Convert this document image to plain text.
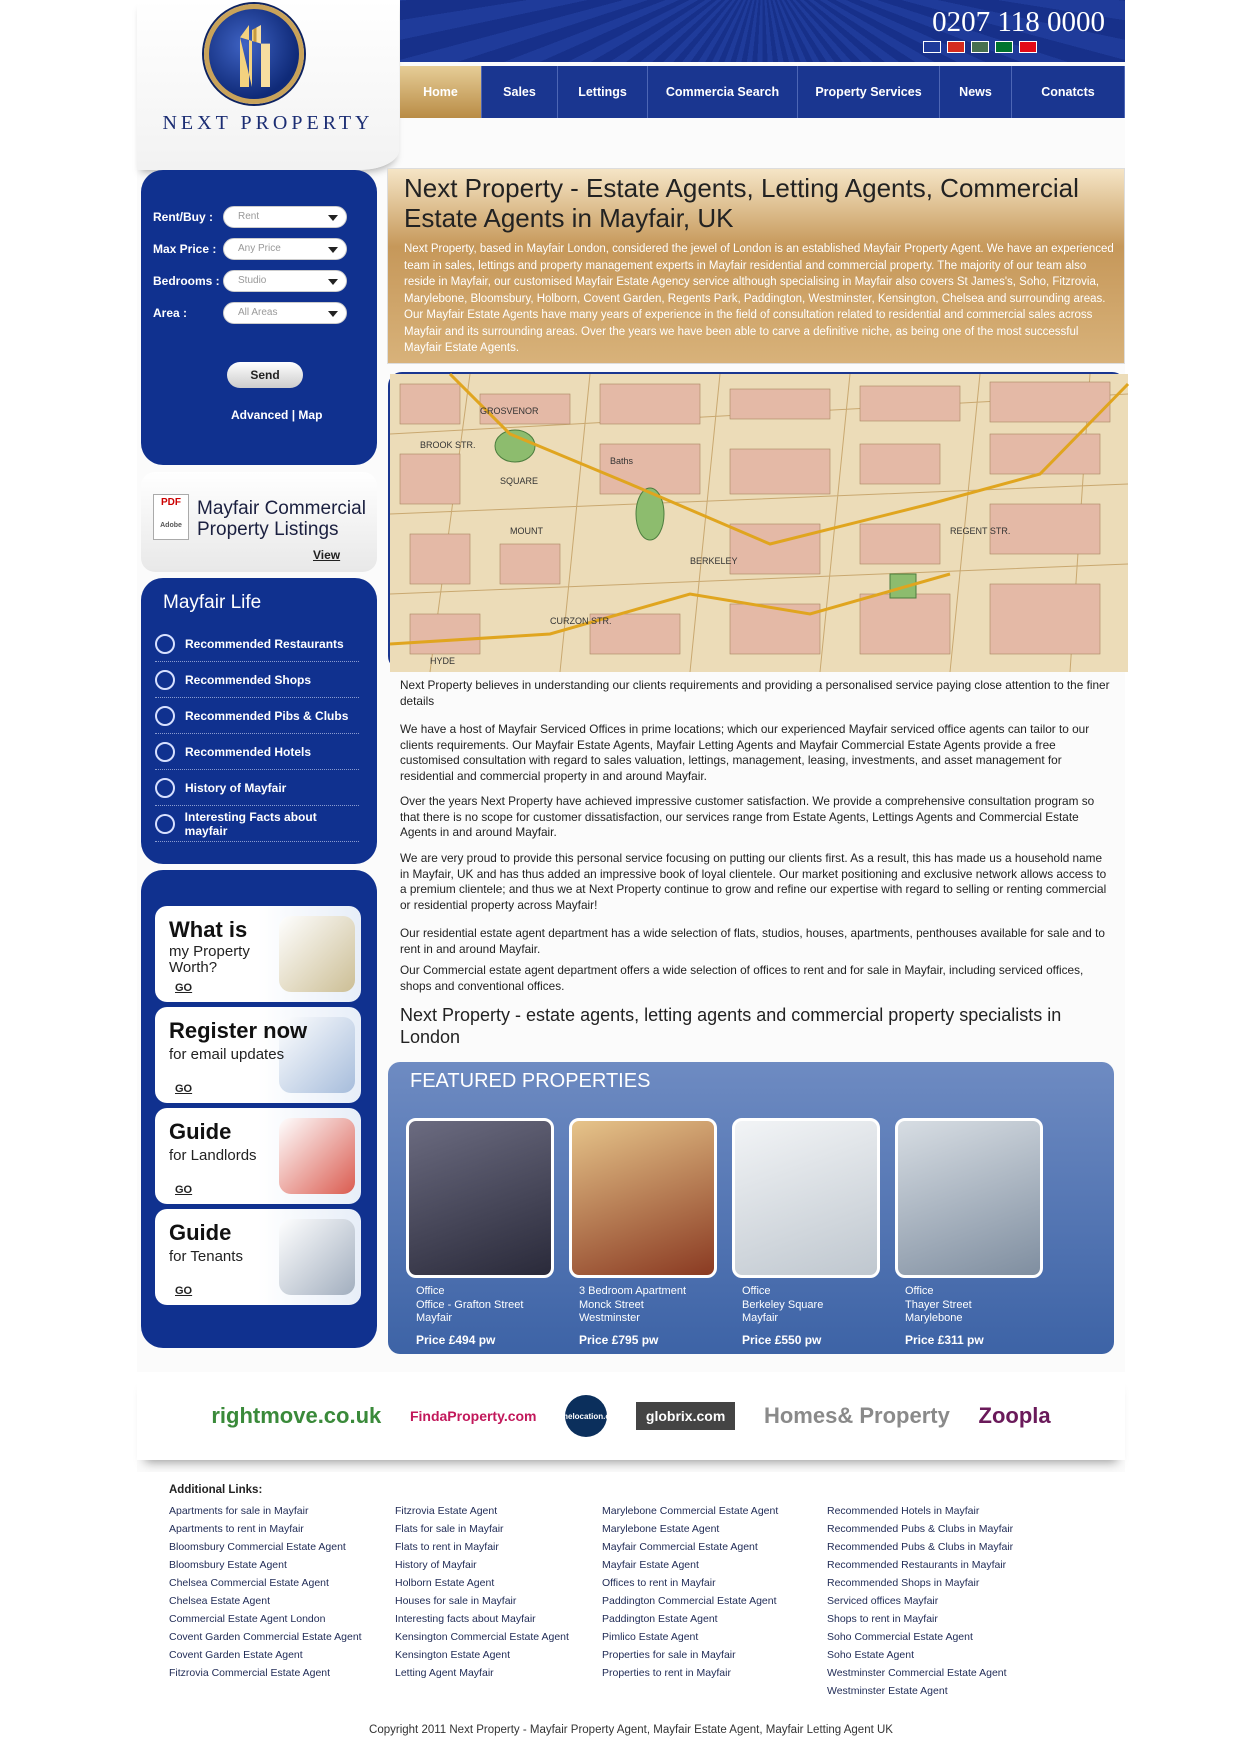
NEXT PROPERTY
0207 118 0000
Home	Sales	Lettings	Commercia Search	Property Services	News	Conatcts
Rent/Buy :	Rent
Max Price :	Any Price
Bedrooms :	Studio
Area :	All Areas
Send
Advanced | Map
PDF
Adobe
Mayfair Commercial
Property Listings
View
Mayfair Life
Recommended Restaurants
Recommended Shops
Recommended Pibs & Clubs
Recommended Hotels
History of Mayfair
Interesting Facts about mayfair
What is
my Property Worth?
GO
Register now
for email updates
GO
Guide
for Landlords
GO
Guide
for Tenants
GO
Next Property - Estate Agents, Letting Agents, Commercial Estate Agents in Mayfair, UK
Next Property, based in Mayfair London, considered the jewel of London is an established Mayfair Property Agent. We have an experienced team in sales, lettings and property management experts in Mayfair residential and commercial property. The majority of our team also reside in Mayfair, our customised Mayfair Estate Agency service although specialising in Mayfair also covers St James's, Soho, Fitzrovia, Marylebone, Bloomsbury, Holborn, Covent Garden, Regents Park, Paddington, Westminster, Kensington, Chelsea and surrounding areas. Our Mayfair Estate Agents have many years of experience in the field of consultation related to residential and commercial sales across Mayfair and its surrounding areas. Over the years we have been able to carve a definitive niche, as being one of the most successful Mayfair Estate Agents.
GROSVENOR
SQUARE
BROOK STR.
MOUNT
CURZON STR.
HYDE
BERKELEY
REGENT STR.
Baths
Next Property believes in understanding our clients requirements and providing a personalised service paying close attention to the finer details
We have a host of Mayfair Serviced Offices in prime locations; which our experienced Mayfair serviced office agents can tailor to our clients requirements. Our Mayfair Estate Agents, Mayfair Letting Agents and Mayfair Commercial Estate Agents provide a free customised consultation with regard to sales valuation, lettings, management, leasing, investments, and asset management for residential and commercial property in and around Mayfair.
Over the years Next Property have achieved impressive customer satisfaction. We provide a comprehensive consultation program so that there is no scope for customer dissatisfaction, our services range from Estate Agents, Lettings Agents and Commercial Estate Agents in and around Mayfair.
We are very proud to provide this personal service focusing on putting our clients first. As a result, this has made us a household name in Mayfair, UK and has thus added an impressive book of loyal clientele. Our market positioning and exclusive network allows access to a premium clientele; and thus we at Next Property continue to grow and refine our expertise with regard to selling or renting commercial or residential property across Mayfair!
Our residential estate agent department has a wide selection of flats, studios, houses, apartments, penthouses available for sale and to rent in and around Mayfair.
Our Commercial estate agent department offers a wide selection of offices to rent and for sale in Mayfair, including serviced offices, shops and conventional offices.
Next Property - estate agents, letting agents and commercial property specialists in London
FEATURED PROPERTIES
Office
Office - Grafton Street
Mayfair
Price £494 pw
3 Bedroom Apartment
Monck Street
Westminster
Price £795 pw
Office
Berkeley Square
Mayfair
Price £550 pw
Office
Thayer Street
Marylebone
Price £311 pw
rightmove.co.uk FindaProperty.com primelocation.com	globrix.com	Homes& Property Zoopla
Additional Links:
Copyright 2011 Next Property - Mayfair Property Agent, Mayfair Estate Agent, Mayfair Letting Agent UK
Apartments for sale in Mayfair
Apartments to rent in Mayfair
Bloomsbury Commercial Estate Agent
Bloomsbury Estate Agent
Chelsea Commercial Estate Agent
Chelsea Estate Agent
Commercial Estate Agent London
Covent Garden Commercial Estate Agent
Covent Garden Estate Agent
Fitzrovia Commercial Estate Agent
Fitzrovia Estate Agent
Flats for sale in Mayfair
Flats to rent in Mayfair
History of Mayfair
Holborn Estate Agent
Houses for sale in Mayfair
Interesting facts about Mayfair
Kensington Commercial Estate Agent
Kensington Estate Agent
Letting Agent Mayfair
Marylebone Commercial Estate Agent
Marylebone Estate Agent
Mayfair Commercial Estate Agent
Mayfair Estate Agent
Offices to rent in Mayfair
Paddington Commercial Estate Agent
Paddington Estate Agent
Pimlico Estate Agent
Properties for sale in Mayfair
Properties to rent in Mayfair
Recommended Hotels in Mayfair
Recommended Pubs & Clubs in Mayfair
Recommended Pubs & Clubs in Mayfair
Recommended Restaurants in Mayfair
Recommended Shops in Mayfair
Serviced offices Mayfair
Shops to rent in Mayfair
Soho Commercial Estate Agent
Soho Estate Agent
Westminster Commercial Estate Agent
Westminster Estate Agent
